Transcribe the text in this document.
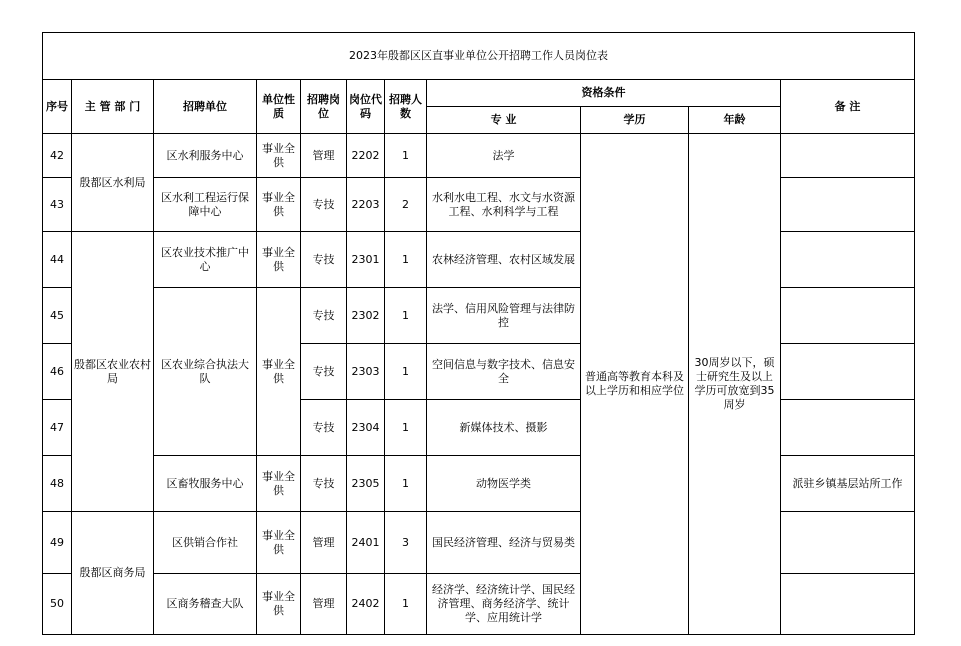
2023年殷都区区直事业单位公开招聘工作人员岗位表										
序号	主 管 部 门	招聘单位	单位性质	招聘岗位	岗位代码	招聘人数	资格条件			备 注
							专 业	学历	年龄	
42	殷都区水利局	区水利服务中心	事业全供	管理	2202	1	法学	普通高等教育本科及以上学历和相应学位	30周岁以下，硕士研究生及以上学历可放宽到35周岁	
43		区水利工程运行保障中心	事业全供	专技	2203	2	水利水电工程、水文与水资源工程、水利科学与工程			
44	殷都区农业农村局	区农业技术推广中心	事业全供	专技	2301	1	农林经济管理、农村区域发展			
45		区农业综合执法大队	事业全供	专技	2302	1	法学、信用风险管理与法律防控			
46				专技	2303	1	空间信息与数字技术、信息安全			
47				专技	2304	1	新媒体技术、摄影			
48		区畜牧服务中心	事业全供	专技	2305	1	动物医学类			派驻乡镇基层站所工作
49	殷都区商务局	区供销合作社	事业全供	管理	2401	3	国民经济管理、经济与贸易类			
50		区商务稽查大队	事业全供	管理	2402	1	经济学、经济统计学、国民经济管理、商务经济学、统计学、应用统计学			
